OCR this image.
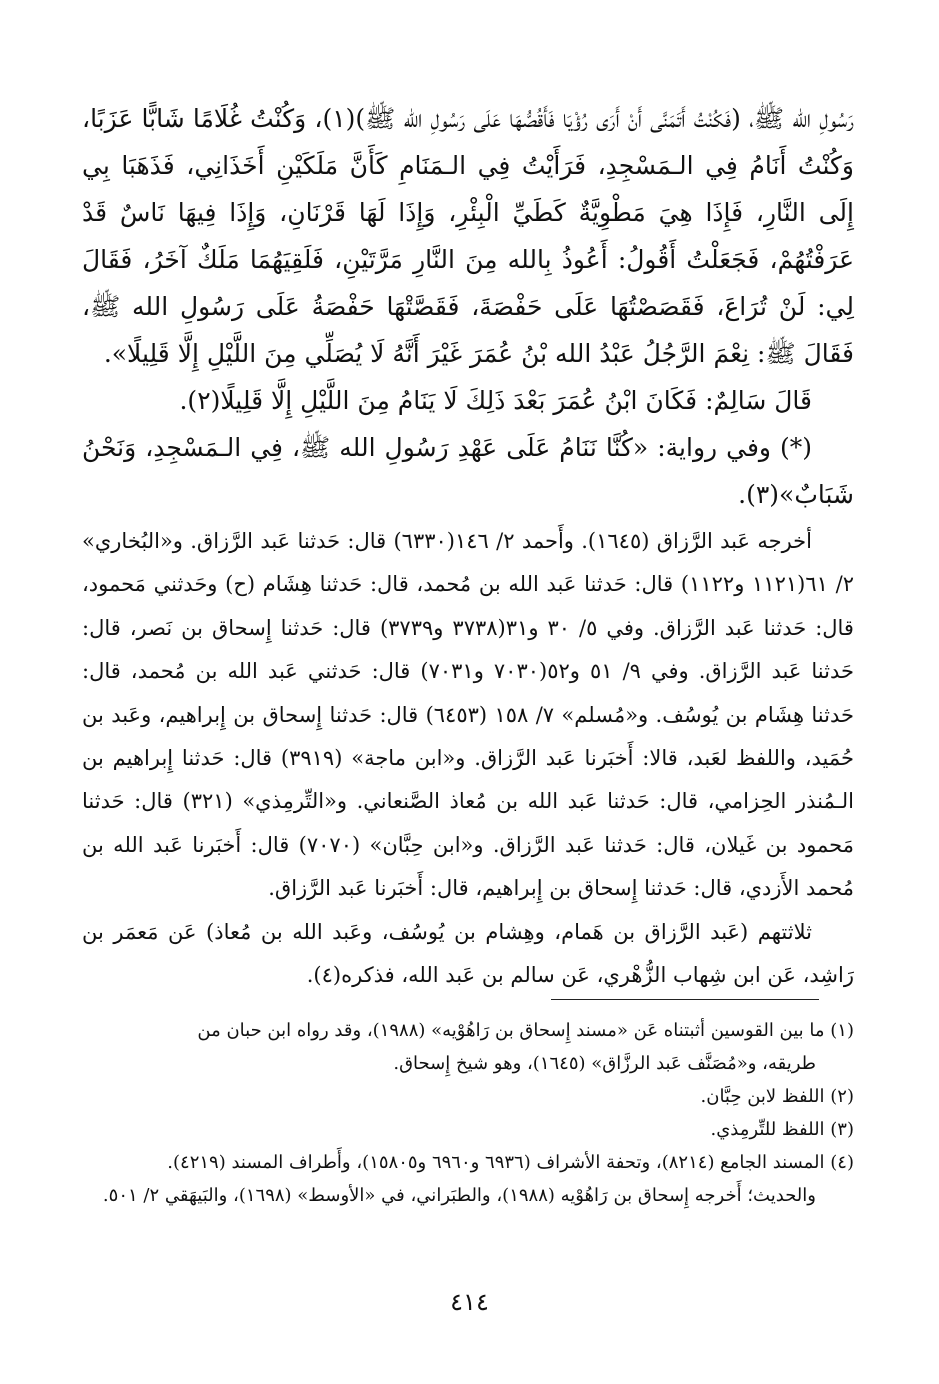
رَسُولِ الله ﷺ، (فَكُنْتُ أَتَمَنَّى أَنْ أَرَى رُؤْيَا فَأَقُصُّهَا عَلَى رَسُولِ الله ﷺ)(١)، وَكُنْتُ غُلَامًا شَابًّا عَزَبًا، وَكُنْتُ أَنَامُ فِي الـمَسْجِدِ، فَرَأَيْتُ فِي الـمَنَامِ كَأَنَّ مَلَكَيْنِ أَخَذَانِي، فَذَهَبَا بِي إِلَى النَّارِ، فَإِذَا هِيَ مَطْوِيَّةٌ كَطَيِّ الْبِئْرِ، وَإِذَا لَهَا قَرْنَانِ، وَإِذَا فِيهَا نَاسٌ قَدْ عَرَفْتُهُمْ، فَجَعَلْتُ أَقُولُ: أَعُوذُ بِالله مِنَ النَّارِ مَرَّتَيْنِ، فَلَقِيَهُمَا مَلَكٌ آخَرُ، فَقَالَ لِي: لَنْ تُرَاعَ، فَقَصَصْتُهَا عَلَى حَفْصَةَ، فَقَصَّتْهَا حَفْصَةُ عَلَى رَسُولِ الله ﷺ، فَقَالَ ﷺ: نِعْمَ الرَّجُلُ عَبْدُ الله بْنُ عُمَرَ غَيْرَ أَنَّهُ لَا يُصَلِّي مِنَ اللَّيْلِ إِلَّا قَلِيلًا».

قَالَ سَالِمٌ: فَكَانَ ابْنُ عُمَرَ بَعْدَ ذَلِكَ لَا يَنَامُ مِنَ اللَّيْلِ إِلَّا قَلِيلًا(٢).

(*) وفي رواية: «كُنَّا نَنَامُ عَلَى عَهْدِ رَسُولِ الله ﷺ، فِي الـمَسْجِدِ، وَنَحْنُ شَبَابٌ»(٣).

أخرجه عَبد الرَّزاق (١٦٤٥). وأَحمد ٢/ ١٤٦(٦٣٣٠) قال: حَدثنا عَبد الرَّزاق. و«البُخاري» ٢/ ٦١(١١٢١ و١١٢٢) قال: حَدثنا عَبد الله بن مُحمد، قال: حَدثنا هِشَام (ح) وحَدثني مَحمود، قال: حَدثنا عَبد الرَّزاق. وفي ٥/ ٣٠ و٣١(٣٧٣٨ و٣٧٣٩) قال: حَدثنا إِسحاق بن نَصر، قال: حَدثنا عَبد الرَّزاق. وفي ٩/ ٥١ و٥٢(٧٠٣٠ و٧٠٣١) قال: حَدثني عَبد الله بن مُحمد، قال: حَدثنا هِشَام بن يُوسُف. و«مُسلم» ٧/ ١٥٨ (٦٤٥٣) قال: حَدثنا إِسحاق بن إِبراهيم، وعَبد بن حُمَيد، واللفظ لعَبد، قالا: أَخبَرنا عَبد الرَّزاق. و«ابن ماجة» (٣٩١٩) قال: حَدثنا إِبراهيم بن الـمُنذر الحِزامي، قال: حَدثنا عَبد الله بن مُعاذ الصَّنعاني. و«التِّرمِذي» (٣٢١) قال: حَدثنا مَحمود بن غَيلان، قال: حَدثنا عَبد الرَّزاق. و«ابن حِبَّان» (٧٠٧٠) قال: أَخبَرنا عَبد الله بن مُحمد الأَزدي، قال: حَدثنا إِسحاق بن إِبراهيم، قال: أَخبَرنا عَبد الرَّزاق.

ثلاثتهم (عَبد الرَّزاق بن هَمام، وهِشام بن يُوسُف، وعَبد الله بن مُعاذ) عَن مَعمَر بن رَاشِد، عَن ابن شِهاب الزُّهْري، عَن سالم بن عَبد الله، فذكره(٤).

(١) ما بين القوسين أثبتناه عَن «مسند إِسحاق بن رَاهُوْيه» (١٩٨٨)، وقد رواه ابن حبان من

طريقه، و«مُصَنَّف عَبد الرزَّاق» (١٦٤٥)، وهو شيخ إِسحاق.

(٢) اللفظ لابن حِبَّان.

(٣) اللفظ للتِّرمِذي.

(٤) المسند الجامع (٨٢١٤)، وتحفة الأشراف (٦٩٣٦ و٦٩٦٠ و١٥٨٠٥)، وأَطراف المسند (٤٢١٩).

والحديث؛ أَخرجه إِسحاق بن رَاهُوْيه (١٩٨٨)، والطبَراني، في «الأوسط» (١٦٩٨)، والبَيهَقي ٢/ ٥٠١.

٤١٤
